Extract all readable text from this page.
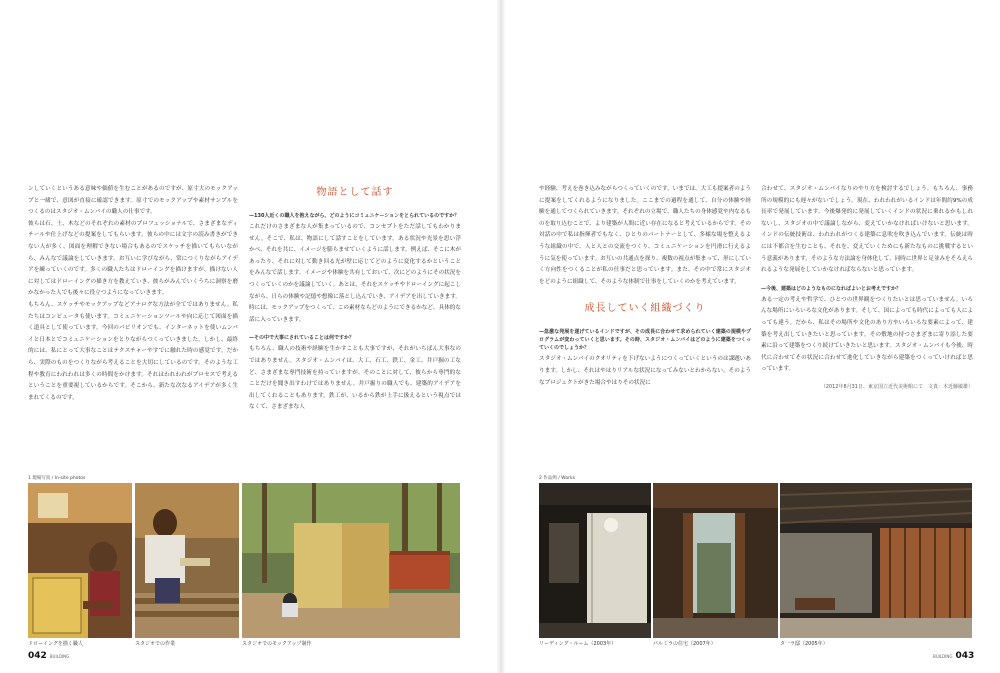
ンしていくというある意味や価値を生むことがあるのですが、原寸大のモックアップと一緒で、意図が直接に確認できます。原寸でのモックアップや素材サンプルをつくるのはスタジオ・ムンバイの職人の仕事です。

彼らは石、土、木などのそれぞれの素材のプロフェッショナルで、さまざまなディテールや仕上げなどの提案をしてもらいます。彼らの中には文字の読み書きができない人が多く、図面を理解できない場合もあるのでスケッチを描いてもらいながら、みんなで議論をしていきます。お互いに学びながら、常につくりながらアイデアを練っていくのです。多くの職人たちはドローイングを描けますが、描けない人に対してはドローイングの描き方を教えていき、彼らがみんでいくうちに洞察を磨かなかった人でも後々に役立つようになっていきます。

もちろん、スケッチやモックアップなどアナログな方法が全てではありません。私たちはコンピュータも使います。コミュニケーションツールや向に応じて図面を描く道具として使っています。今回のパビリオンでも、インターネットを使いムンバイと日本とでコミュニケーションをとりながらつくっていきました。しかし、最終的には、私にとって大事なことはテクスチャーやすでに触れた時の感覚です。だから、実際のものをつくりながら考えることを大切にしているのです。そのような工程や教育にわれわれは多くの時間をかけます。それはわれわれがプロセスで考えるということを重要視しているからです。そこから、新たな次なるアイデアが多く生まれてくるのです。

物語として話す
—130人近くの職人を抱えながら、どのようにコミュニケーションをとられているのですか？

これだけのさまざまな人が集まっているので、コンセプトをただ話してもわかりません。そこで、私は、物語にして話すことをしています。ある状況や光景を思い浮かべ、それを共に、イメージを膨らませていくように話します。例えば、そこに木があったり、それに対して動き回る光が壁に応じてどのように変化するかということをみんなで話します。イメージや体験を共有しておいて、次にどのようにその状況をつくっていくのかを議論していく。あとは、それをスケッチやドローイングに起こしながら、日らの体験や記憶や想像に落とし込んでいき、アイデアを出していきます。時には、モックアップをつくって、この素材ならどのようにできるかなど、具体的な話に入っていきます。

—その中で大事にされていることは何ですか？

もちろん、職人の技術や経験を生かすことも大事ですが、それがいちばん大事なのではありません。スタジオ・ムンバイは、大工、石工、鉄工、金工、井戸掘の工など、さまざまな専門技術を持っていますが、そのことに対して、彼らから専門的なことだけを聞き出すわけではありません。井戸掘りの職人でも、建築的アイデアを出してくれることもあります。鉄工が、いるから鉄が上手に扱えるという視点ではなくて、さまざまな人

や経験、考えを巻き込みながらつくっていくのです。いまでは、大工も提案者のように提案をしてくれるようになりました。ここまでの過程を通して、自分の体験や経験を通してつくられていきます。それぞれの立場で、職人たちの身体感覚や内なるものを取り込むことで、より建築が人間に近い存在になると考えているからです。その対話の中で私は指揮者でもなく、ひとりのパートナーとして、多様な場を整えるような組織の中で、人と人との交流をつくり、コミュニケーションを円滑に行えるように気を使っています。お互いの共通点を探り、複数の視点が集まって、形にしていく方向性をつくることが私の仕事だと思っています。また、その中で常にスタジオをどのように組織して、そのような体制で仕事をしていくのかを考えています。

成長していく組織づくり
—急激な発展を遂げているインドですが、その成長に合わせて求められていく建築の規模やプログラムが変わっていくと思います。その時、スタジオ・ムンバイはどのように建築をつくっていくのでしょうか？

スタジオ・ムンバイのクオリティを下げないようにつくっていくというのは課題いあります。しかし、それはやはりリアルな状況になってみないとわからない。そのようなプロジェクトがきた場合やはりその状況に

合わせて、スタジオ・ムンバイなりのやり方を検討するでしょう。もちろん、事務所の規模的にも遅々がないでしょう。現在、われわれがいるインドは年間約9%の成長率で発展しています。今後爆発的に発展していくインドの状況に乗れるかもしれないし、スタジオの中で議論しながら、変えていかなければいけないと思います。インドの伝統技術は、われわれがつくる建築に息吹を吹き込んでいます。伝統は時には不都合を生むことも、それを、変えていくためにも新たなものに挑戦するという意義があります。そのような方法論を身体化して、同時に世界と足並みをそろえられるような発展をしていかなければならないと思っています。

—今後、建築はどのようなものになればよいとお考えですか？

ある一定の考えや哲学で、ひとつの世界観をつくりたいとは思っていません。いろんな場所にいろいろな文化があります。そして、国によっても時代によっても人によっても違う。だから、私はその場所や文化のあり方やいろいろな要素によって、建築を考え出していきたいと思っています。その敷地の持つさまざまに寄り添した要素に沿って建築をつくり続けていきたいと思います。スタジオ・ムンバイも今後、時代に合わせてその状況に合わせて進化していきながら建築をつくっていければと思っています。

（2012年8月31日、東京国立近代美術館にて　文責：木近藤敏雄）
1 現場写真 / In-site photos
ドローイングを描く職人	スタジオでの作業	スタジオでのモックアップ制作
2 作品例 / Works
リーディング・ルーム（2003年）	パルミラの住宅（2007年）	タ一ラ邸（2005年）
042 BUILDING	BUILDING 043
